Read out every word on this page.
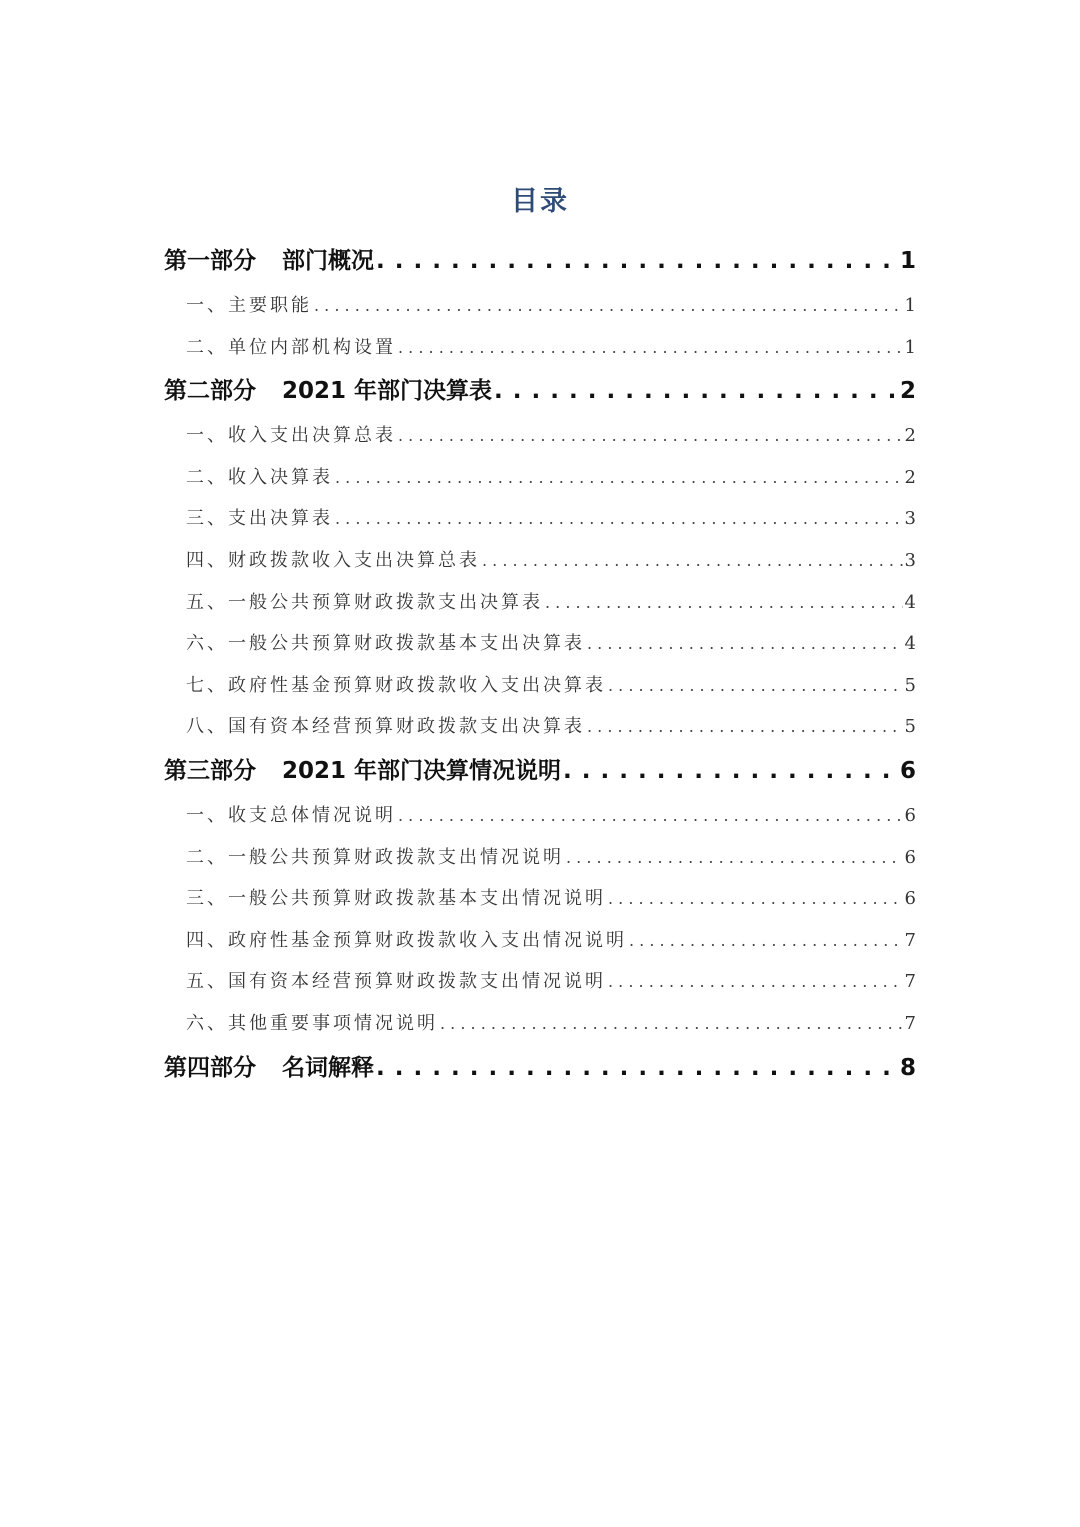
目录
第一部分 部门概况 . . .	1
一、主要职能 . . .	1
二、单位内部机构设置 . . .	1
第二部分 2021 年部门决算表 . . .	2
一、收入支出决算总表 . . .	2
二、收入决算表 . . .	2
三、支出决算表 . . .	3
四、财政拨款收入支出决算总表 . . .	3
五、一般公共预算财政拨款支出决算表 . . .	4
六、一般公共预算财政拨款基本支出决算表 . . .	4
七、政府性基金预算财政拨款收入支出决算表 . . .	5
八、国有资本经营预算财政拨款支出决算表 . . .	5
第三部分 2021 年部门决算情况说明 . . .	6
一、收支总体情况说明 . . .	6
二、一般公共预算财政拨款支出情况说明 . . .	6
三、一般公共预算财政拨款基本支出情况说明 . . .	6
四、政府性基金预算财政拨款收入支出情况说明 . . .	7
五、国有资本经营预算财政拨款支出情况说明 . . .	7
六、其他重要事项情况说明 . . .	7
第四部分 名词解释 . . .	8
